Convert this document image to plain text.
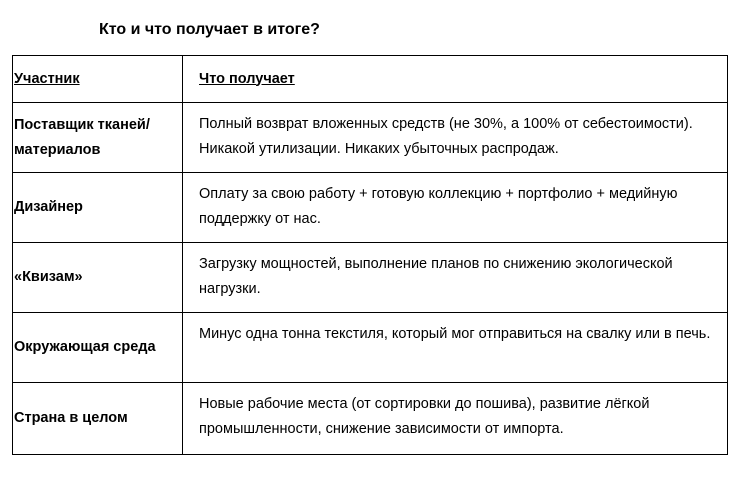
Кто и что получает в итоге?
Участник	Что получает
Поставщик тканей/материалов	Полный возврат вложенных средств (не 30%, а 100% от себестоимости). Никакой утилизации. Никаких убыточных распродаж.
Дизайнер	Оплату за свою работу + готовую коллекцию + портфолио + медийную поддержку от нас.
«Квизам»	Загрузку мощностей, выполнение планов по снижению экологической нагрузки.
Окружающая среда	Минус одна тонна текстиля, который мог отправиться на свалку или в печь.
Страна в целом	Новые рабочие места (от сортировки до пошива), развитие лёгкой промышленности, снижение зависимости от импорта.
